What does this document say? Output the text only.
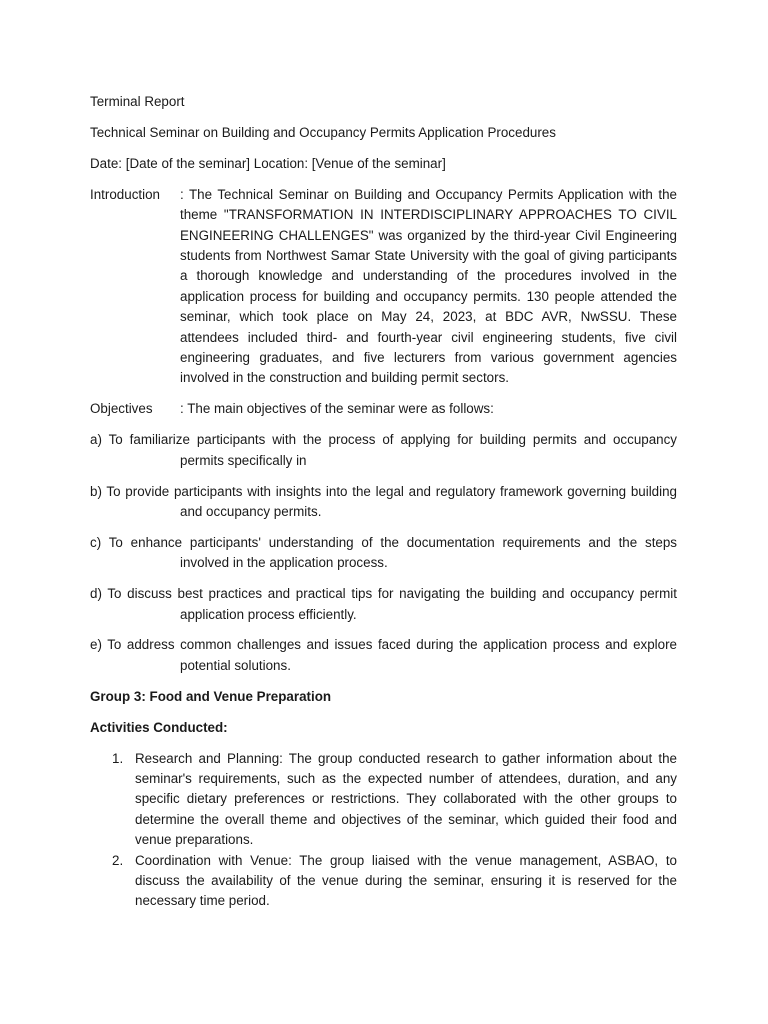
Terminal Report

Technical Seminar on Building and Occupancy Permits Application Procedures

Date: [Date of the seminar] Location: [Venue of the seminar]

Introduction	: The Technical Seminar on Building and Occupancy Permits Application with the theme "TRANSFORMATION IN INTERDISCIPLINARY APPROACHES TO CIVIL ENGINEERING CHALLENGES" was organized by the third-year Civil Engineering students from Northwest Samar State University with the goal of giving participants a thorough knowledge and understanding of the procedures involved in the application process for building and occupancy permits. 130 people attended the seminar, which took place on May 24, 2023, at BDC AVR, NwSSU. These attendees included third- and fourth-year civil engineering students, five civil engineering graduates, and five lecturers from various government agencies involved in the construction and building permit sectors.
Objectives	: The main objectives of the seminar were as follows:

a) To familiarize participants with the process of applying for building permits and occupancy permits specifically in

b) To provide participants with insights into the legal and regulatory framework governing building and occupancy permits.

c) To enhance participants' understanding of the documentation requirements and the steps involved in the application process.

d) To discuss best practices and practical tips for navigating the building and occupancy permit application process efficiently.

e) To address common challenges and issues faced during the application process and explore potential solutions.

Group 3: Food and Venue Preparation

Activities Conducted:

1. Research and Planning: The group conducted research to gather information about the seminar's requirements, such as the expected number of attendees, duration, and any specific dietary preferences or restrictions. They collaborated with the other groups to determine the overall theme and objectives of the seminar, which guided their food and venue preparations.
2. Coordination with Venue: The group liaised with the venue management, ASBAO, to discuss the availability of the venue during the seminar, ensuring it is reserved for the necessary time period.
